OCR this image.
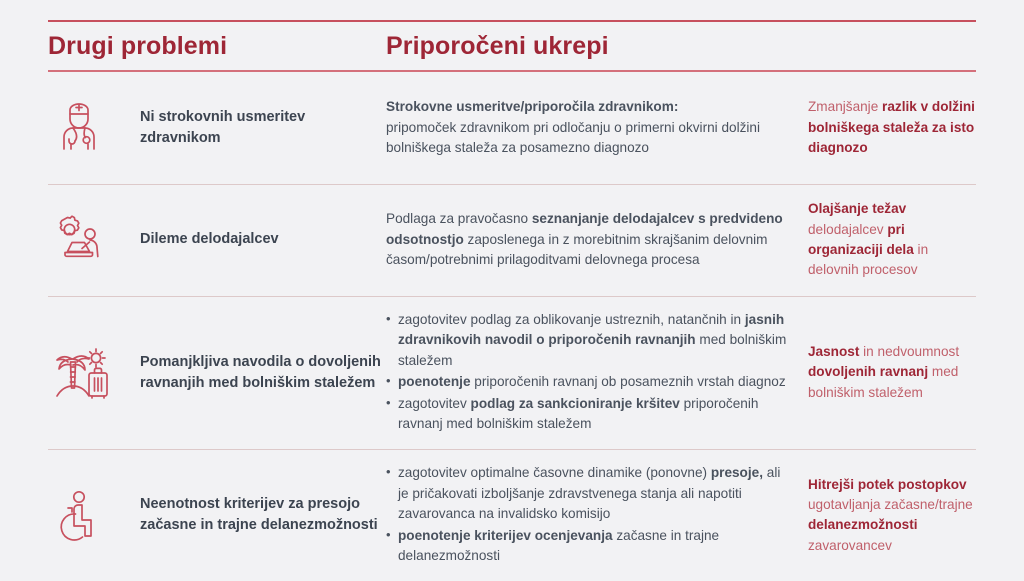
Drugi problemi	Priporočeni ukrepi
Ni strokovnih usmeritev zdravnikom
Strokovne usmeritve/priporočila zdravnikom:
pripomoček zdravnikom pri odločanju o primerni okvirni dolžini bolniškega staleža za posamezno diagnozo
Zmanjšanje razlik v dolžini bolniškega staleža za isto diagnozo
Dileme delodajalcev
Podlaga za pravočasno seznanjanje delodajalcev s predvideno odsotnostjo zaposlenega in z morebitnim skrajšanim delovnim časom/potrebnimi prilagoditvami delovnega procesa
Olajšanje težav delodajalcev pri organizaciji dela in delovnih procesov
Pomanjkljiva navodila o dovoljenih ravnanjih med bolniškim staležem
• zagotovitev podlag za oblikovanje ustreznih, natančnih in jasnih zdravnikovih navodil o priporočenih ravnanjih med bolniškim staležem
• poenotenje priporočenih ravnanj ob posameznih vrstah diagnoz
• zagotovitev podlag za sankcioniranje kršitev priporočenih ravnanj med bolniškim staležem
Jasnost in nedvoumnost dovoljenih ravnanj med bolniškim staležem
Neenotnost kriterijev za presojo začasne in trajne delanezmožnosti
• zagotovitev optimalne časovne dinamike (ponovne) presoje, ali je pričakovati izboljšanje zdravstvenega stanja ali napotiti zavarovanca na invalidsko komisijo
• poenotenje kriterijev ocenjevanja začasne in trajne delanezmožnosti
Hitrejši potek postopkov ugotavljanja začasne/trajne delanezmožnosti zavarovancev
